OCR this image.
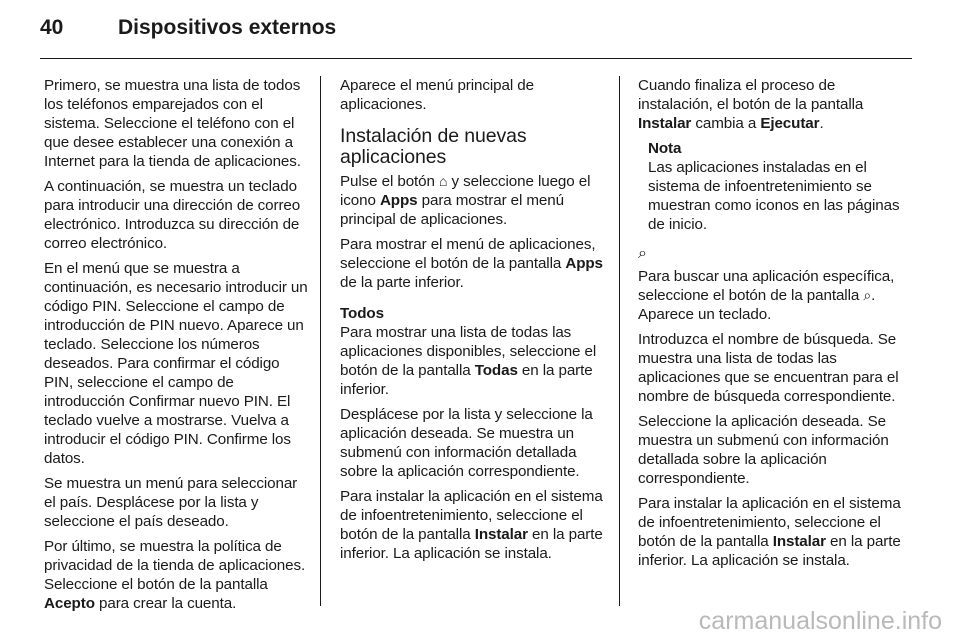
40	Dispositivos externos

Primero, se muestra una lista de todos los teléfonos emparejados con el sistema. Seleccione el teléfono con el que desee establecer una conexión a Internet para la tienda de aplicaciones.

A continuación, se muestra un teclado para introducir una dirección de correo electrónico. Introduzca su dirección de correo electrónico.

En el menú que se muestra a continuación, es necesario introducir un código PIN. Seleccione el campo de introducción de PIN nuevo. Aparece un teclado. Seleccione los números deseados. Para confirmar el código PIN, seleccione el campo de introducción Confirmar nuevo PIN. El teclado vuelve a mostrarse. Vuelva a introducir el código PIN. Confirme los datos.

Se muestra un menú para seleccionar el país. Desplácese por la lista y seleccione el país deseado.

Por último, se muestra la política de privacidad de la tienda de aplicaciones. Seleccione el botón de la pantalla Acepto para crear la cuenta.

Aparece el menú principal de aplicaciones.

Instalación de nuevas aplicaciones

Pulse el botón ⌂ y seleccione luego el icono Apps para mostrar el menú principal de aplicaciones.

Para mostrar el menú de aplicaciones, seleccione el botón de la pantalla Apps de la parte inferior.

Todos

Para mostrar una lista de todas las aplicaciones disponibles, seleccione el botón de la pantalla Todas en la parte inferior.

Desplácese por la lista y seleccione la aplicación deseada. Se muestra un submenú con información detallada sobre la aplicación correspondiente.

Para instalar la aplicación en el sistema de infoentretenimiento, seleccione el botón de la pantalla Instalar en la parte inferior. La aplicación se instala.

Cuando finaliza el proceso de instalación, el botón de la pantalla Instalar cambia a Ejecutar.

Nota
Las aplicaciones instaladas en el sistema de infoentretenimiento se muestran como iconos en las páginas de inicio.
⌕

Para buscar una aplicación específica, seleccione el botón de la pantalla ⌕. Aparece un teclado.

Introduzca el nombre de búsqueda. Se muestra una lista de todas las aplicaciones que se encuentran para el nombre de búsqueda correspondiente.

Seleccione la aplicación deseada. Se muestra un submenú con información detallada sobre la aplicación correspondiente.

Para instalar la aplicación en el sistema de infoentretenimiento, seleccione el botón de la pantalla Instalar en la parte inferior. La aplicación se instala.

carmanualsonline.info
